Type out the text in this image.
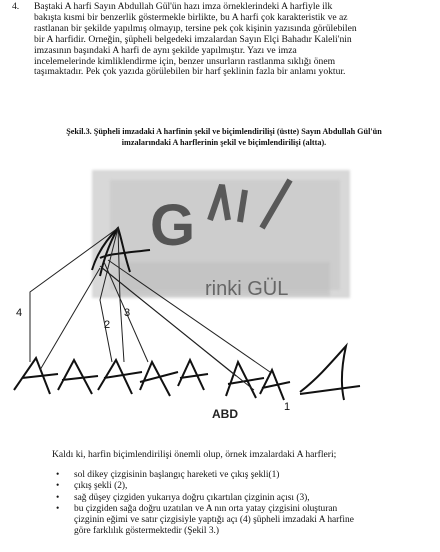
4. Baştaki A harfi Sayın Abdullah Gül'ün hazı imza örneklerindeki A harfiyle ilk
bakışta kısmi bir benzerlik göstermekle birlikte, bu A harfi çok karakteristik ve az
rastlanan bir şekilde yapılmış olmayıp, tersine pek çok kişinin yazısında görülebilen
bir A harfidir. Örneğin, şüpheli belgedeki imzalardan Sayın Elçi Bahadır Kaleli'nin
imzasının başındaki A harfi de aynı şekilde yapılmıştır. Yazı ve imza
incelemelerinde kimliklendirme için, benzer unsurların rastlanma sıklığı önem
taşımaktadır. Pek çok yazıda görülebilen bir harf şeklinin fazla bir anlamı yoktur.
Şekil.3. Şüpheli imzadaki A harfinin şekil ve biçimlendirilişi (üstte) Sayın Abdullah Gül'ün
imzalarındaki A harflerinin şekil ve biçimlendirilişi (altta).
G
rinki GÜL
ABD
4
2
3
1
Kaldı ki, harfin biçimlendirilişi önemli olup, örnek imzalardaki A harfleri;
• sol dikey çizgisinin başlangıç hareketi ve çıkış şekli(1)
• çıkış şekli (2),
• sağ düşey çizgiden yukarıya doğru çıkartılan çizginin açısı (3),
• bu çizgiden sağa doğru uzatılan ve A nın orta yatay çizgisini oluşturan
çizginin eğimi ve satır çizgisiyle yaptığı açı (4) şüpheli imzadaki A harfine
göre farklılık göstermektedir (Şekil 3.)
